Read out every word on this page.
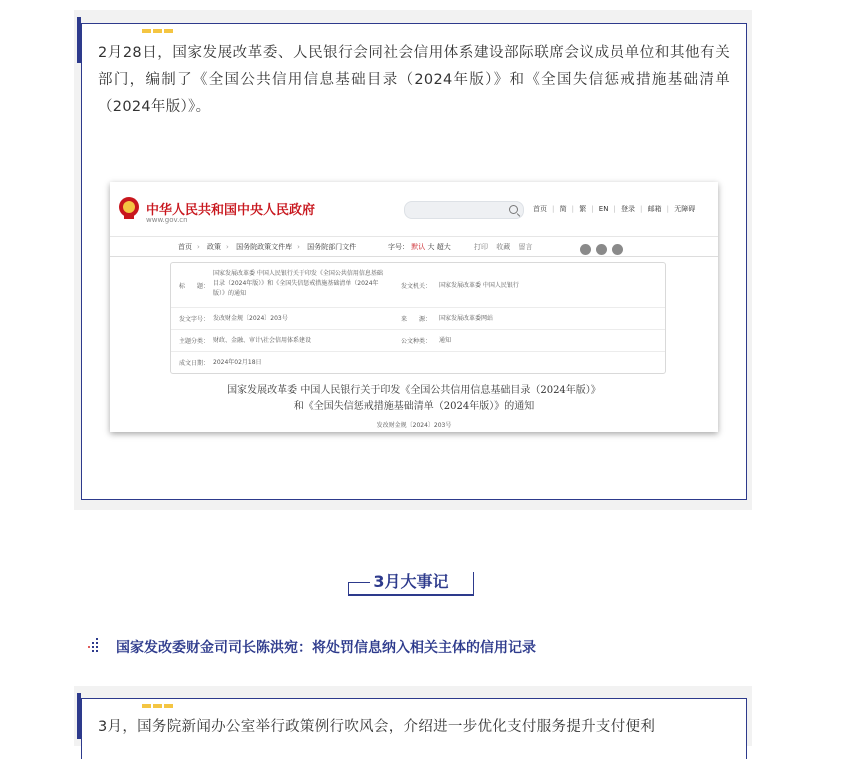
2月28日，国家发展改革委、人民银行会同社会信用体系建设部际联席会议成员单位和其他有关部门，编制了《全国公共信用信息基础目录（2024年版）》和《全国失信惩戒措施基础清单（2024年版）》。
中华人民共和国中央人民政府
www.gov.cn
首页 | 简 | 繁 | EN | 登录 | 邮箱 | 无障碍
首页 › 政策 › 国务院政策文件库 › 国务院部门文件	字号： 默认 大 超大	打印 收藏 留言
标　　题：
国家发展改革委 中国人民银行关于印发《全国公共信用信息基础目录（2024年版）》和《全国失信惩戒措施基础清单（2024年版）》的通知
发文机关： 国家发展改革委 中国人民银行
发文字号： 发改财金规〔2024〕203号	来　　源： 国家发展改革委网站
主题分类： 财政、金融、审计\社会信用体系建设	公文种类： 通知
成文日期： 2024年02月18日
国家发展改革委 中国人民银行关于印发《全国公共信用信息基础目录（2024年版）》
和《全国失信惩戒措施基础清单（2024年版）》的通知
发改财金规〔2024〕203号
3月大事记
国家发改委财金司司长陈洪宛：将处罚信息纳入相关主体的信用记录
3月，国务院新闻办公室举行政策例行吹风会，介绍进一步优化支付服务提升支付便利
